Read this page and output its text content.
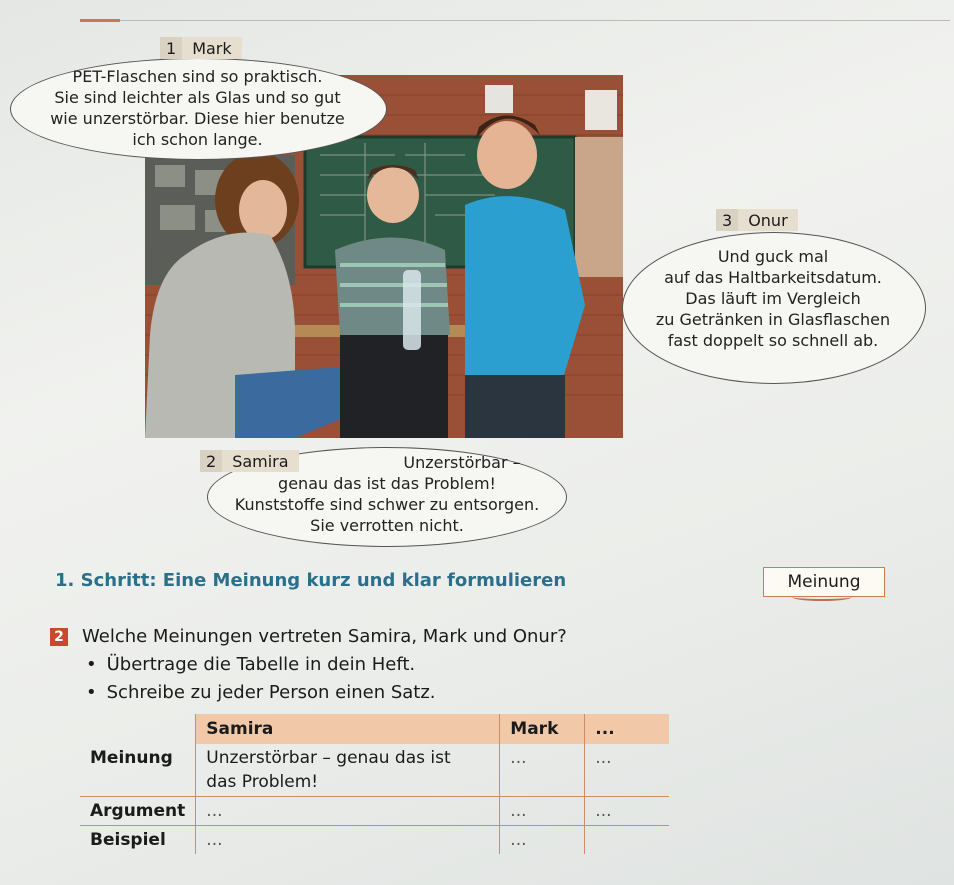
1	Mark
PET-Flaschen sind so praktisch.
Sie sind leichter als Glas und so gut
wie unzerstörbar. Diese hier benutze
ich schon lange.
3	Onur
Und guck mal
auf das Haltbarkeitsdatum.
Das läuft im Vergleich
zu Getränken in Glasflaschen
fast doppelt so schnell ab.
2	Samira	Unzerstörbar –
genau das ist das Problem!
Kunststoffe sind schwer zu entsorgen.
Sie verrotten nicht.
1. Schritt: Eine Meinung kurz und klar formulieren	Meinung
2 Welche Meinungen vertreten Samira, Mark und Onur?
• Übertrage die Tabelle in dein Heft.
• Schreibe zu jeder Person einen Satz.
	Samira	Mark	...
Meinung	Unzerstörbar – genau das ist
das Problem!	...	...
Argument	...	...	...
Beispiel	...	...	
